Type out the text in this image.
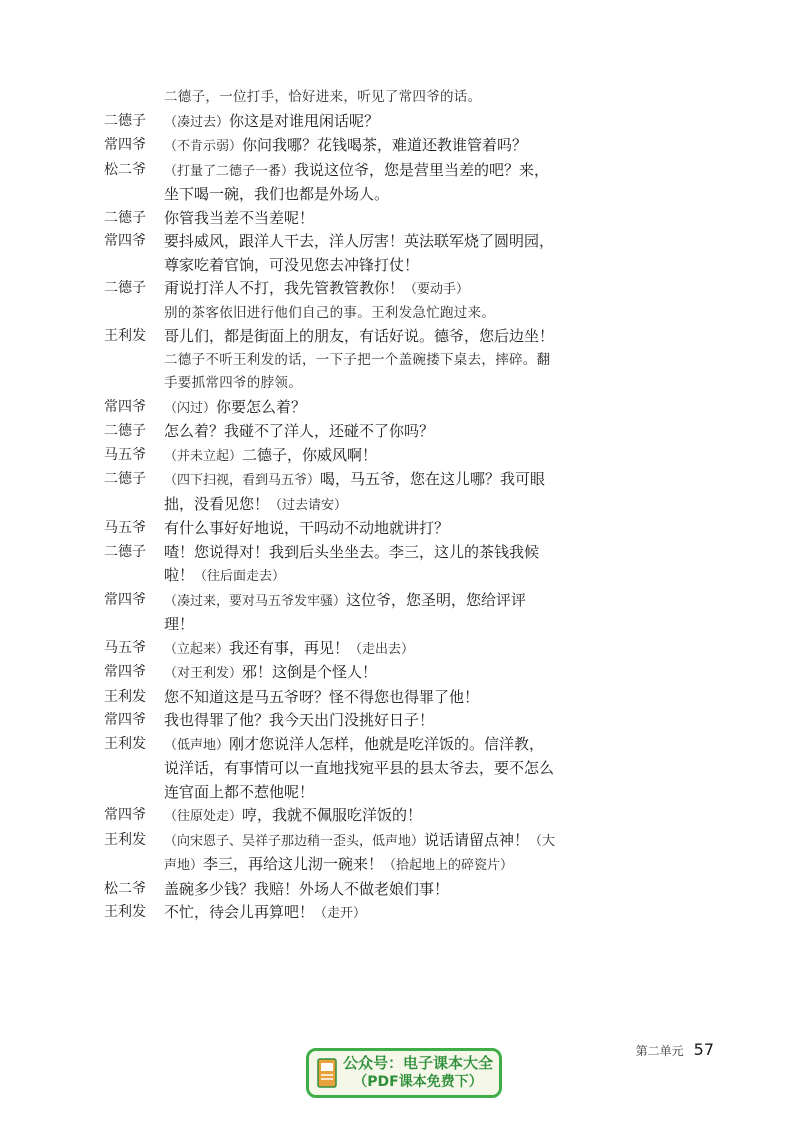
二德子，一位打手，恰好进来，听见了常四爷的话。
二德子	（凑过去）你这是对谁甩闲话呢？
常四爷	（不肯示弱）你问我哪？花钱喝茶，难道还教谁管着吗？
松二爷	（打量了二德子一番）我说这位爷，您是营里当差的吧？来，坐下喝一碗，我们也都是外场人。
二德子	你管我当差不当差呢！
常四爷	要抖威风，跟洋人干去，洋人厉害！英法联军烧了圆明园，尊家吃着官饷，可没见您去冲锋打仗！
二德子	甭说打洋人不打，我先管教管教你！（要动手）
别的茶客依旧进行他们自己的事。王利发急忙跑过来。
王利发	哥儿们，都是街面上的朋友，有话好说。德爷，您后边坐！
二德子不听王利发的话，一下子把一个盖碗搂下桌去，摔碎。翻手要抓常四爷的脖领。
常四爷	（闪过）你要怎么着？
二德子	怎么着？我碰不了洋人，还碰不了你吗？
马五爷	（并未立起）二德子，你威风啊！
二德子	（四下扫视，看到马五爷）喝，马五爷，您在这儿哪？我可眼拙，没看见您！（过去请安）
马五爷	有什么事好好地说，干吗动不动地就讲打？
二德子	喳！您说得对！我到后头坐坐去。李三，这儿的茶钱我候啦！（往后面走去）
常四爷	（凑过来，要对马五爷发牢骚）这位爷，您圣明，您给评评理！
马五爷	（立起来）我还有事，再见！（走出去）
常四爷	（对王利发）邪！这倒是个怪人！
王利发	您不知道这是马五爷呀？怪不得您也得罪了他！
常四爷	我也得罪了他？我今天出门没挑好日子！
王利发	（低声地）刚才您说洋人怎样，他就是吃洋饭的。信洋教，说洋话，有事情可以一直地找宛平县的县太爷去，要不怎么连官面上都不惹他呢！
常四爷	（往原处走）哼，我就不佩服吃洋饭的！
王利发	（向宋恩子、吴祥子那边稍一歪头，低声地）说话请留点神！（大声地）李三，再给这儿沏一碗来！（拾起地上的碎瓷片）
松二爷	盖碗多少钱？我赔！外场人不做老娘们事！
王利发	不忙，待会儿再算吧！（走开）
第二单元 57
公众号：电子课本大全
（PDF课本免费下）
